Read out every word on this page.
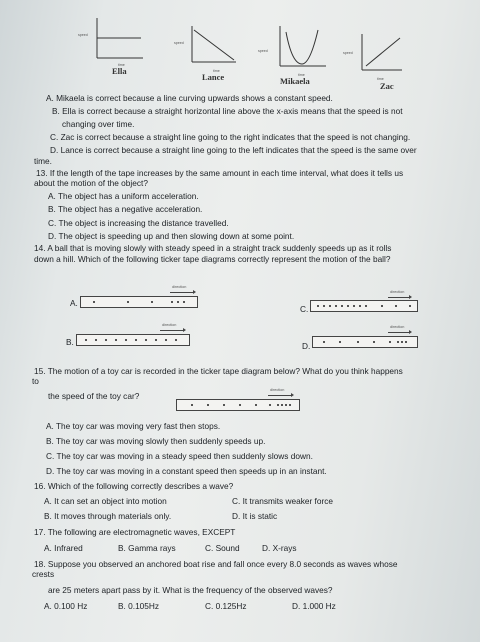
speed
time
Ella
speed
time
Lance
speed
time
Mikaela
speed
time
Zac
A. Mikaela is correct because a line curving upwards shows a constant speed.
B. Ella is correct because a straight horizontal line above the x-axis means that the speed is not
changing over time.
C. Zac is correct because a straight line going to the right indicates that the speed is not changing.
D. Lance is correct because a straight line going to the left indicates that the speed is the same over
time.
13. If the length of the tape increases by the same amount in each time interval, what does it tells us
about the motion of the object?
A. The object has a uniform acceleration.
B. The object has a negative acceleration.
C. The object is increasing the distance travelled.
D. The object is speeding up and then slowing down at some point.
14. A ball that is moving slowly with steady speed in a straight track suddenly speeds up as it rolls
down a hill. Which of the following ticker tape diagrams correctly represent the motion of the ball?
direction
A.
direction
C.
direction
B.
direction
D.
15. The motion of a toy car is recorded in the ticker tape diagram below? What do you think happens
to
the speed of the toy car?
direction
A. The toy car was moving very fast then stops.
B. The toy car was moving slowly then suddenly speeds up.
C. The toy car was moving in a steady speed then suddenly slows down.
D. The toy car was moving in a constant speed then speeds up in an instant.
16. Which of the following correctly describes a wave?
A. It can set an object into motion	C. It transmits weaker force
B. It moves through materials only.	D. It is static
17. The following are electromagnetic waves, EXCEPT
A. Infrared	B. Gamma rays	C. Sound	D. X-rays
18. Suppose you observed an anchored boat rise and fall once every 8.0 seconds as waves whose
crests
are 25 meters apart pass by it. What is the frequency of the observed waves?
A. 0.100 Hz	B. 0.105Hz	C. 0.125Hz	D. 1.000 Hz
